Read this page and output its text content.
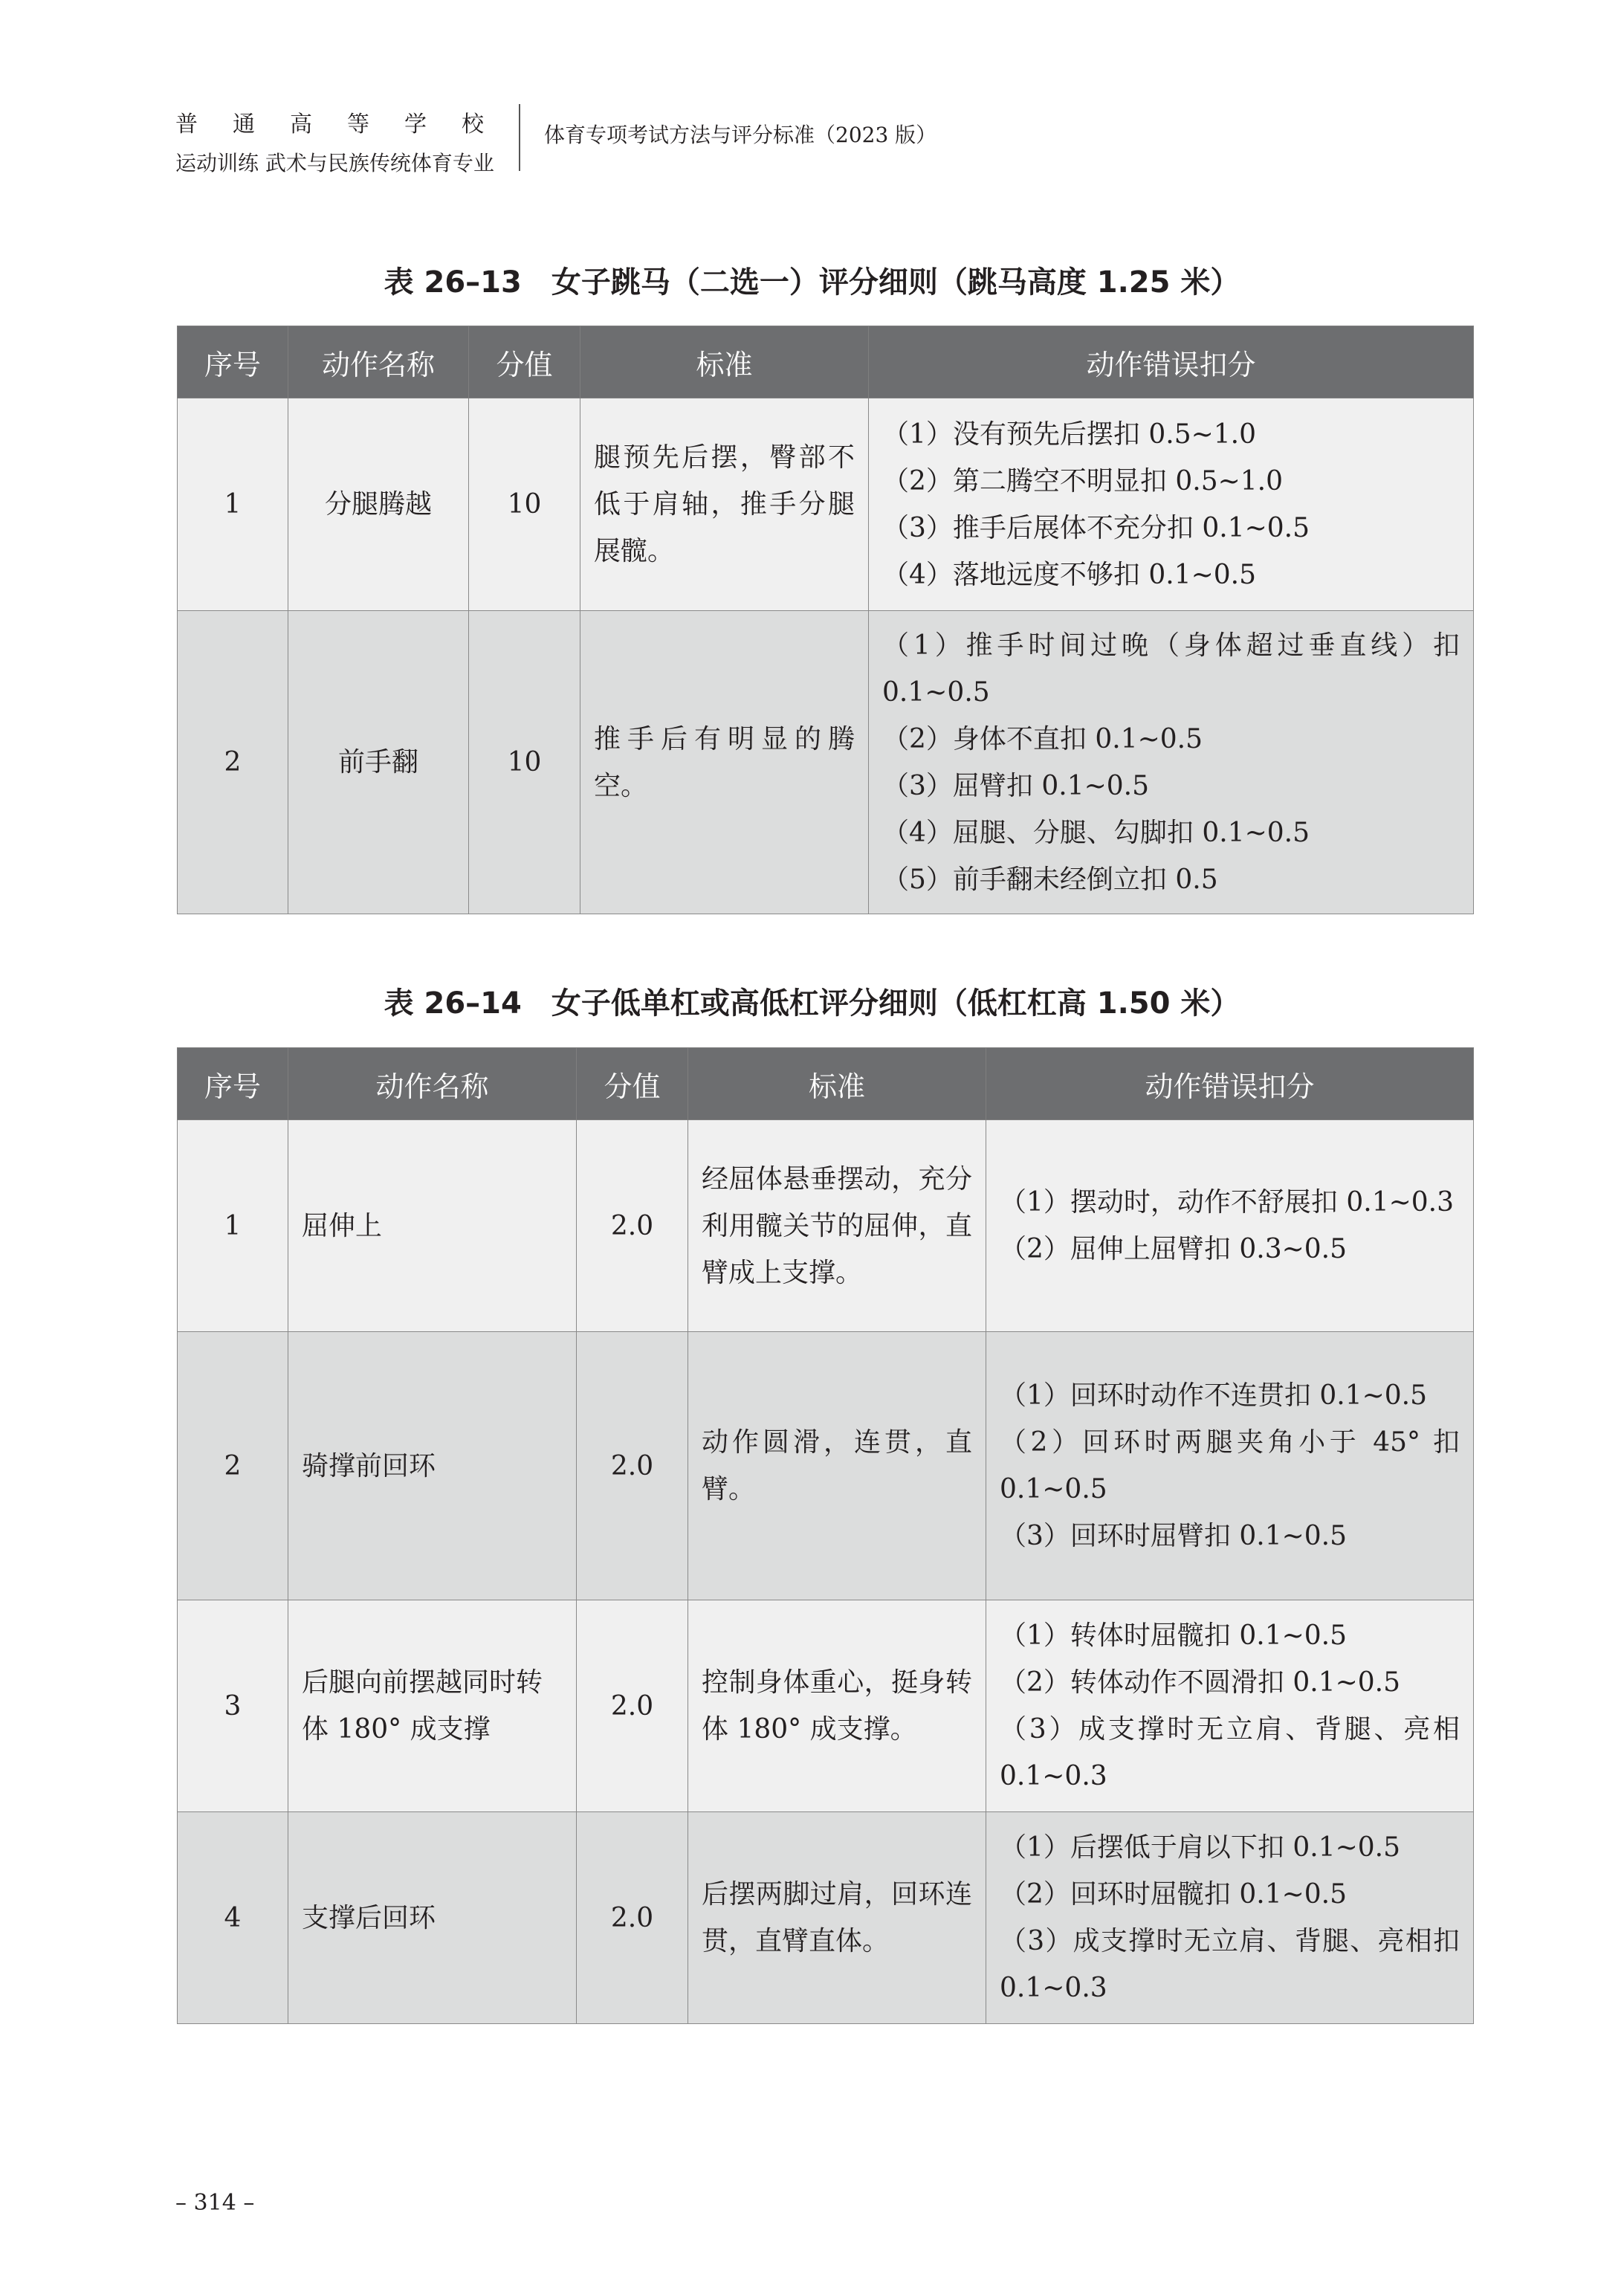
普通高等学校
运动训练 武术与民族传统体育专业
体育专项考试方法与评分标准（2023 版）
表 26–13　女子跳马（二选一）评分细则（跳马高度 1.25 米）
序号	动作名称	分值	标准	动作错误扣分
1	分腿腾越	10	腿预先后摆，臀部不低于肩轴，推手分腿展髋。	（1）没有预先后摆扣 0.5~1.0
（2）第二腾空不明显扣 0.5~1.0
（3）推手后展体不充分扣 0.1~0.5
（4）落地远度不够扣 0.1~0.5

2	前手翻	10	推手后有明显的腾空。	（1）推手时间过晚（身体超过垂直线）扣 0.1~0.5
（2）身体不直扣 0.1~0.5
（3）屈臂扣 0.1~0.5
（4）屈腿、分腿、勾脚扣 0.1~0.5
（5）前手翻未经倒立扣 0.5
表 26–14　女子低单杠或高低杠评分细则（低杠杠高 1.50 米）
序号	动作名称	分值	标准	动作错误扣分
1	屈伸上	2.0	经屈体悬垂摆动，充分利用髋关节的屈伸，直臂成上支撑。	（1）摆动时，动作不舒展扣 0.1~0.3
（2）屈伸上屈臂扣 0.3~0.5

2	骑撑前回环	2.0	动作圆滑，连贯，直臂。	（1）回环时动作不连贯扣 0.1~0.5
（2）回环时两腿夹角小于 45° 扣 0.1~0.5
（3）回环时屈臂扣 0.1~0.5

3	后腿向前摆越同时转体 180° 成支撑	2.0	控制身体重心，挺身转体 180° 成支撑。	（1）转体时屈髋扣 0.1~0.5
（2）转体动作不圆滑扣 0.1~0.5
（3）成支撑时无立肩、背腿、亮相 0.1~0.3

4	支撑后回环	2.0	后摆两脚过肩，回环连贯，直臂直体。	（1）后摆低于肩以下扣 0.1~0.5
（2）回环时屈髋扣 0.1~0.5
（3）成支撑时无立肩、背腿、亮相扣 0.1~0.3
– 314 –
